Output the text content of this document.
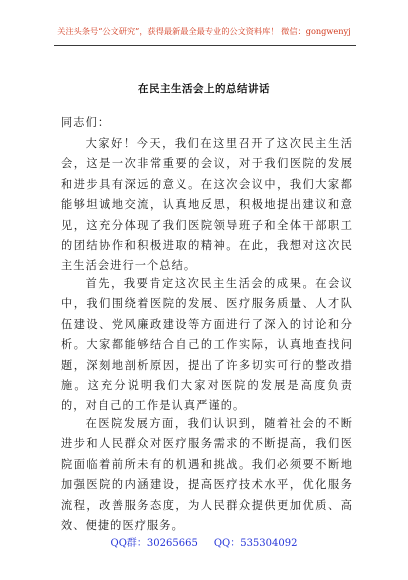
关注头条号“公文研究”，获得最新最全最专业的公文资料库！ 微信：gongwenyj
在民主生活会上的总结讲话
同志们：

大家好！今天，我们在这里召开了这次民主生活会，这是一次非常重要的会议，对于我们医院的发展和进步具有深远的意义。在这次会议中，我们大家都能够坦诚地交流，认真地反思，积极地提出建议和意见，这充分体现了我们医院领导班子和全体干部职工的团结协作和积极进取的精神。在此，我想对这次民主生活会进行一个总结。

首先，我要肯定这次民主生活会的成果。在会议中，我们围绕着医院的发展、医疗服务质量、人才队伍建设、党风廉政建设等方面进行了深入的讨论和分析。大家都能够结合自己的工作实际，认真地查找问题，深刻地剖析原因，提出了许多切实可行的整改措施。这充分说明我们大家对医院的发展是高度负责的，对自己的工作是认真严谨的。

在医院发展方面，我们认识到，随着社会的不断进步和人民群众对医疗服务需求的不断提高，我们医院面临着前所未有的机遇和挑战。我们必须要不断地加强医院的内涵建设，提高医疗技术水平，优化服务流程，改善服务态度，为人民群众提供更加优质、高效、便捷的医疗服务。

QQ群：30265665 QQ：535304092
